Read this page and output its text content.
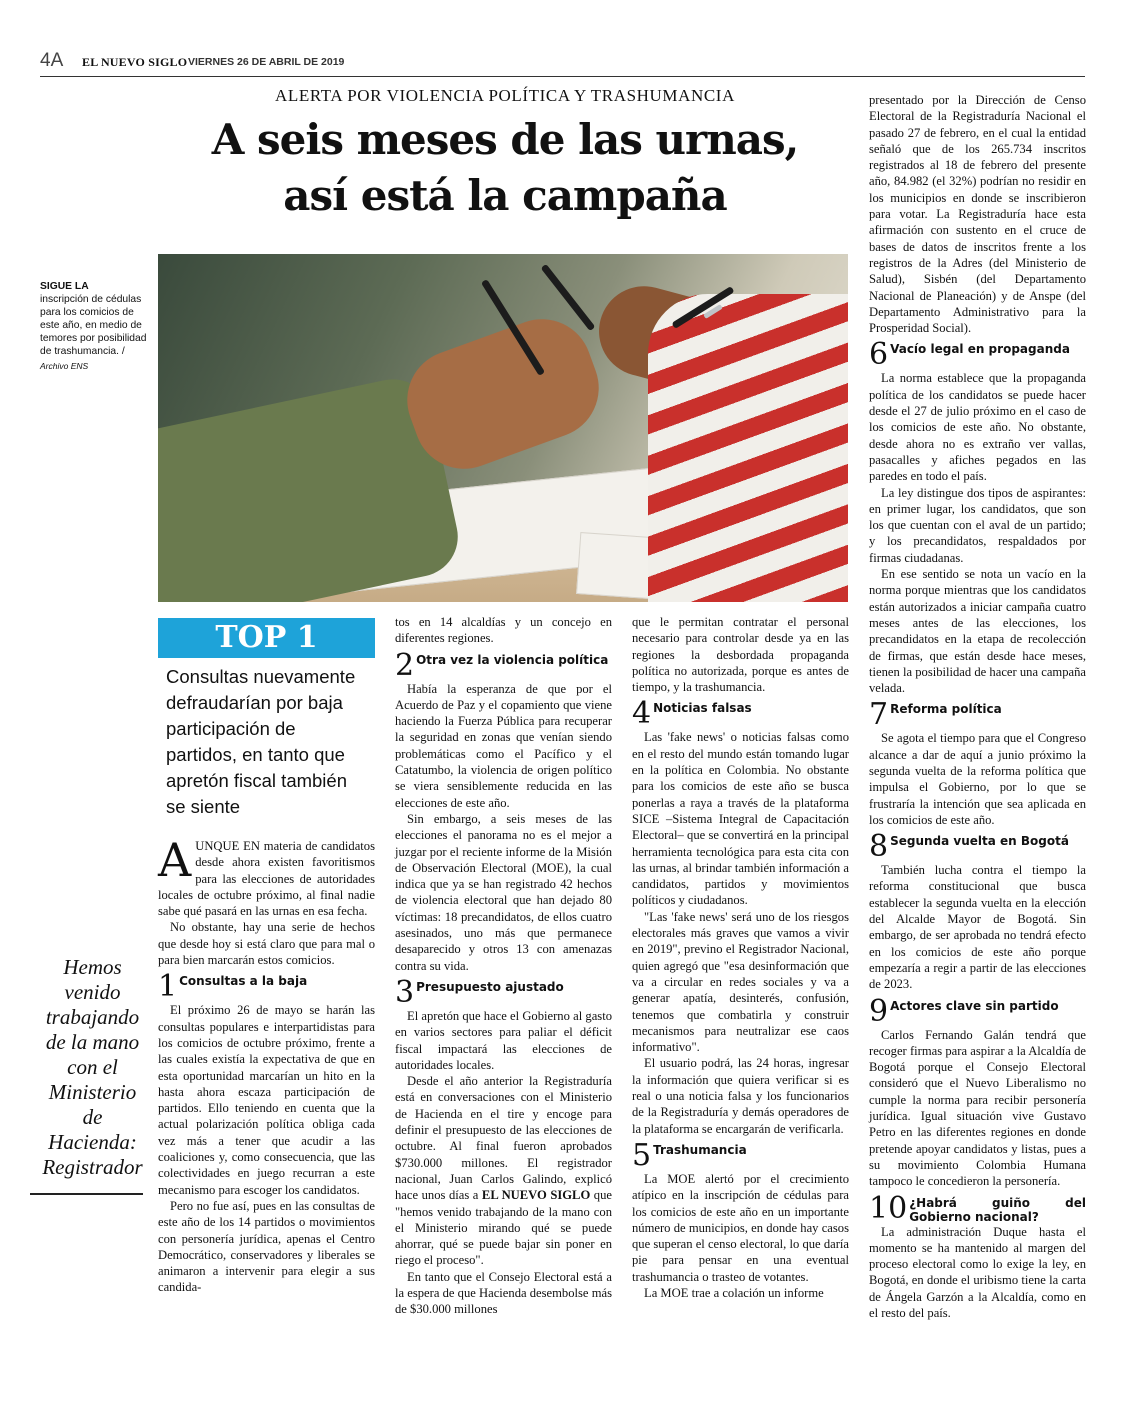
4A EL NUEVO SIGLO VIERNES 26 DE ABRIL DE 2019
ALERTA POR VIOLENCIA POLÍTICA Y TRASHUMANCIA
A seis meses de las urnas,
así está la campaña
SIGUE LA
inscripción de cédulas para los comicios de este año, en medio de temores por posibilidad de trashumancia. /
Archivo ENS
TOP 1
Consultas nuevamente defraudarían por baja participación de partidos, en tanto que apretón fiscal también se siente
Hemos venido trabajando de la mano con el Ministerio de Hacienda: Registrador

AUNQUE EN materia de candidatos desde ahora existen favoritismos para las elecciones de autoridades locales de octubre próximo, al final nadie sabe qué pasará en las urnas en esa fecha.

No obstante, hay una serie de hechos que desde hoy si está claro que para mal o para bien marcarán estos comicios.

1 Consultas a la baja

El próximo 26 de mayo se harán las consultas populares e interpartidistas para los comicios de octubre próximo, frente a las cuales existía la expectativa de que en esta oportunidad marcarían un hito en la hasta ahora escaza participación de partidos. Ello teniendo en cuenta que la actual polarización política obliga cada vez más a tener que acudir a las coaliciones y, como consecuencia, que las colectividades en juego recurran a este mecanismo para escoger los candidatos.

Pero no fue así, pues en las consultas de este año de los 14 partidos o movimientos con personería jurídica, apenas el Centro Democrático, conservadores y liberales se animaron a intervenir para elegir a sus candida-

tos en 14 alcaldías y un concejo en diferentes regiones.

2 Otra vez la violencia política

Había la esperanza de que por el Acuerdo de Paz y el copamiento que viene haciendo la Fuerza Pública para recuperar la seguridad en zonas que venían siendo problemáticas como el Pacífico y el Catatumbo, la violencia de origen político se viera sensiblemente reducida en las elecciones de este año.

Sin embargo, a seis meses de las elecciones el panorama no es el mejor a juzgar por el reciente informe de la Misión de Observación Electoral (MOE), la cual indica que ya se han registrado 42 hechos de violencia electoral que han dejado 80 víctimas: 18 precandidatos, de ellos cuatro asesinados, uno más que permanece desaparecido y otros 13 con amenazas contra su vida.

3 Presupuesto ajustado

El apretón que hace el Gobierno al gasto en varios sectores para paliar el déficit fiscal impactará las elecciones de autoridades locales.

Desde el año anterior la Registraduría está en conversaciones con el Ministerio de Hacienda en el tire y encoge para definir el presupuesto de las elecciones de octubre. Al final fueron aprobados $730.000 millones. El registrador nacional, Juan Carlos Galindo, explicó hace unos días a EL NUEVO SIGLO que "hemos venido trabajando de la mano con el Ministerio mirando qué se puede ahorrar, qué se puede bajar sin poner en riego el proceso".

En tanto que el Consejo Electoral está a la espera de que Hacienda desembolse más de $30.000 millones

que le permitan contratar el personal necesario para controlar desde ya en las regiones la desbordada propaganda política no autorizada, porque es antes de tiempo, y la trashumancia.

4 Noticias falsas

Las 'fake news' o noticias falsas como en el resto del mundo están tomando lugar en la política en Colombia. No obstante para los comicios de este año se busca ponerlas a raya a través de la plataforma SICE –Sistema Integral de Capacitación Electoral– que se convertirá en la principal herramienta tecnológica para esta cita con las urnas, al brindar también información a candidatos, partidos y movimientos políticos y ciudadanos.

"Las 'fake news' será uno de los riesgos electorales más graves que vamos a vivir en 2019", previno el Registrador Nacional, quien agregó que "esa desinformación que va a circular en redes sociales y va a generar apatía, desinterés, confusión, tenemos que combatirla y construir mecanismos para neutralizar ese caos informativo".

El usuario podrá, las 24 horas, ingresar la información que quiera verificar si es real o una noticia falsa y los funcionarios de la Registraduría y demás operadores de la plataforma se encargarán de verificarla.

5 Trashumancia

La MOE alertó por el crecimiento atípico en la inscripción de cédulas para los comicios de este año en un importante número de municipios, en donde hay casos que superan el censo electoral, lo que daría pie para pensar en una eventual trashumancia o trasteo de votantes.

La MOE trae a colación un informe

presentado por la Dirección de Censo Electoral de la Registraduría Nacional el pasado 27 de febrero, en el cual la entidad señaló que de los 265.734 inscritos registrados al 18 de febrero del presente año, 84.982 (el 32%) podrían no residir en los municipios en donde se inscribieron para votar. La Registraduría hace esta afirmación con sustento en el cruce de bases de datos de inscritos frente a los registros de la Adres (del Ministerio de Salud), Sisbén (del Departamento Nacional de Planeación) y de Anspe (del Departamento Administrativo para la Prosperidad Social).

6 Vacío legal en propaganda

La norma establece que la propaganda política de los candidatos se puede hacer desde el 27 de julio próximo en el caso de los comicios de este año. No obstante, desde ahora no es extraño ver vallas, pasacalles y afiches pegados en las paredes en todo el país.

La ley distingue dos tipos de aspirantes: en primer lugar, los candidatos, que son los que cuentan con el aval de un partido; y los precandidatos, respaldados por firmas ciudadanas.

En ese sentido se nota un vacío en la norma porque mientras que los candidatos están autorizados a iniciar campaña cuatro meses antes de las elecciones, los precandidatos en la etapa de recolección de firmas, que están desde hace meses, tienen la posibilidad de hacer una campaña velada.

7 Reforma política

Se agota el tiempo para que el Congreso alcance a dar de aquí a junio próximo la segunda vuelta de la reforma política que impulsa el Gobierno, por lo que se frustraría la intención que sea aplicada en los comicios de este año.

8 Segunda vuelta en Bogotá

También lucha contra el tiempo la reforma constitucional que busca establecer la segunda vuelta en la elección del Alcalde Mayor de Bogotá. Sin embargo, de ser aprobada no tendrá efecto en los comicios de este año porque empezaría a regir a partir de las elecciones de 2023.

9 Actores clave sin partido

Carlos Fernando Galán tendrá que recoger firmas para aspirar a la Alcaldía de Bogotá porque el Consejo Electoral consideró que el Nuevo Liberalismo no cumple la norma para recibir personería jurídica. Igual situación vive Gustavo Petro en las diferentes regiones en donde pretende apoyar candidatos y listas, pues a su movimiento Colombia Humana tampoco le concedieron la personería.

10 ¿Habrá guiño del Gobierno nacional?

La administración Duque hasta el momento se ha mantenido al margen del proceso electoral como lo exige la ley, en Bogotá, en donde el uribismo tiene la carta de Ángela Garzón a la Alcaldía, como en el resto del país.
